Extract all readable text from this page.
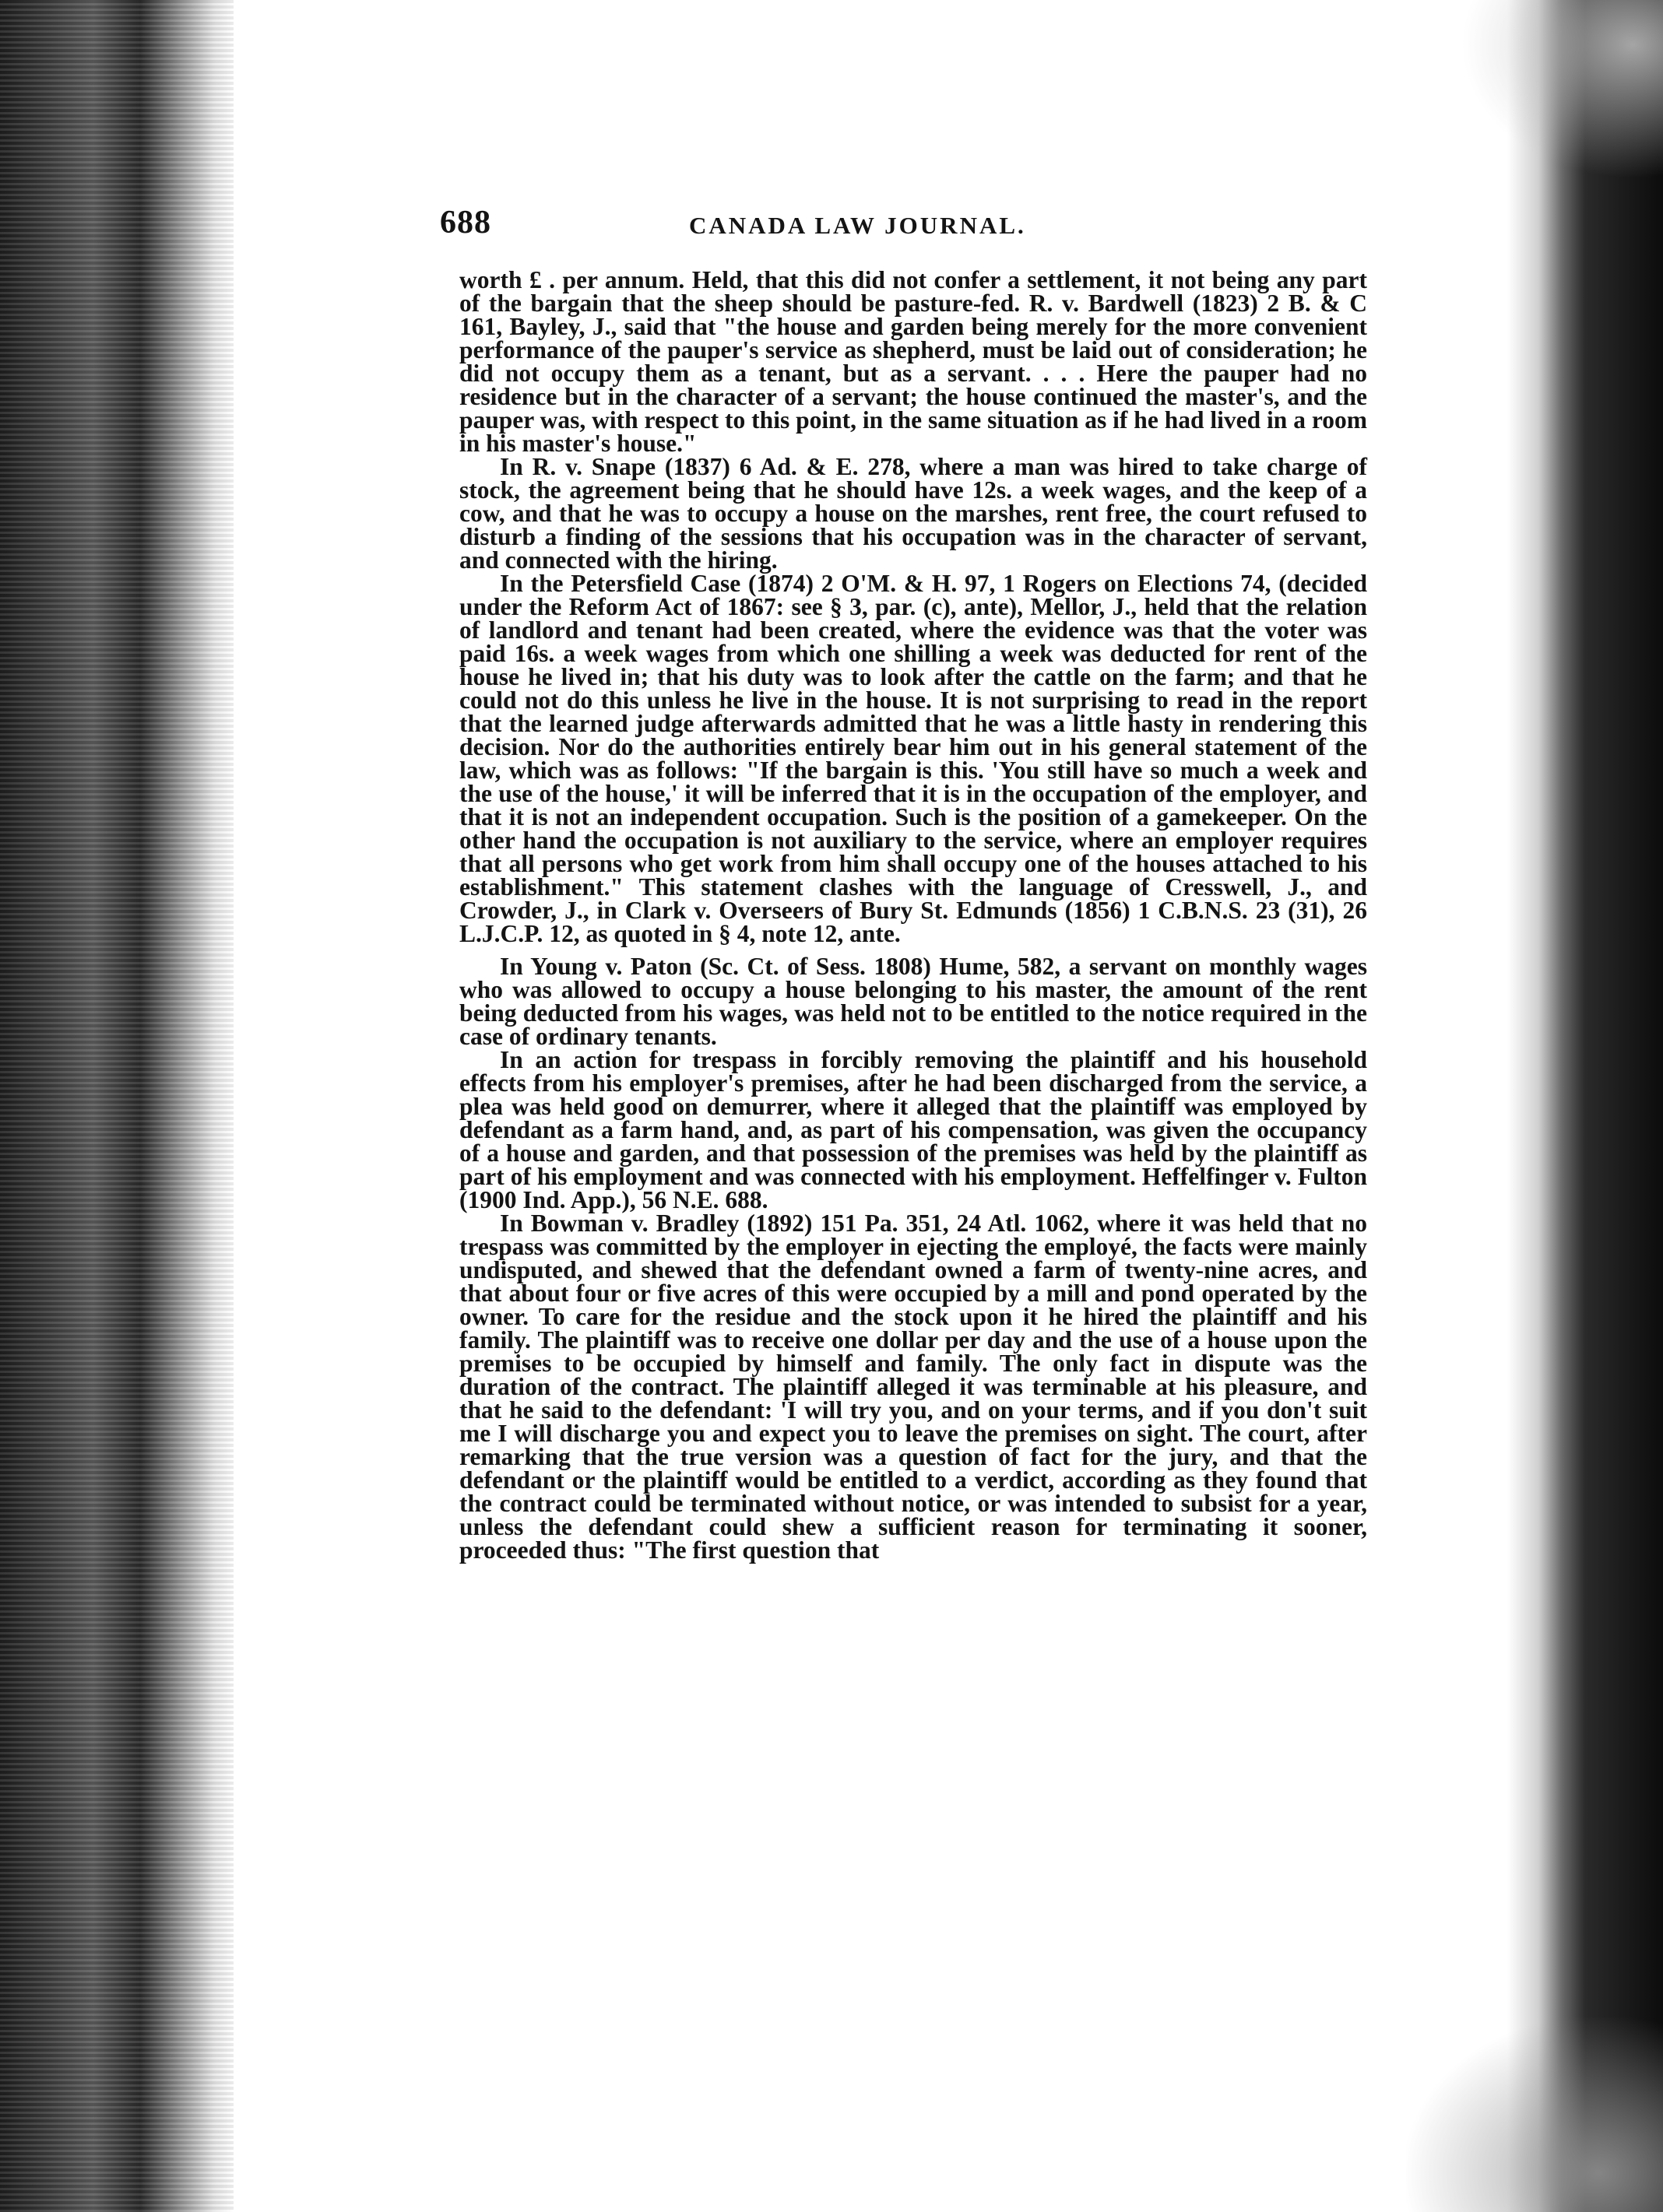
688	CANADA LAW JOURNAL.

worth £ . per annum. Held, that this did not confer a settlement, it not being any part of the bargain that the sheep should be pasture-fed. R. v. Bardwell (1823) 2 B. & C 161, Bayley, J., said that "the house and garden being merely for the more convenient performance of the pauper's service as shepherd, must be laid out of consideration; he did not occupy them as a tenant, but as a servant. . . . Here the pauper had no residence but in the character of a servant; the house continued the master's, and the pauper was, with respect to this point, in the same situation as if he had lived in a room in his master's house."

In R. v. Snape (1837) 6 Ad. & E. 278, where a man was hired to take charge of stock, the agreement being that he should have 12s. a week wages, and the keep of a cow, and that he was to occupy a house on the marshes, rent free, the court refused to disturb a finding of the sessions that his occupation was in the character of servant, and connected with the hiring.

In the Petersfield Case (1874) 2 O'M. & H. 97, 1 Rogers on Elections 74, (decided under the Reform Act of 1867: see § 3, par. (c), ante), Mellor, J., held that the relation of landlord and tenant had been created, where the evidence was that the voter was paid 16s. a week wages from which one shilling a week was deducted for rent of the house he lived in; that his duty was to look after the cattle on the farm; and that he could not do this unless he live in the house. It is not surprising to read in the report that the learned judge afterwards admitted that he was a little hasty in rendering this decision. Nor do the authorities entirely bear him out in his general statement of the law, which was as follows: "If the bargain is this. 'You still have so much a week and the use of the house,' it will be inferred that it is in the occupation of the employer, and that it is not an independent occupation. Such is the position of a gamekeeper. On the other hand the occupation is not auxiliary to the service, where an employer requires that all persons who get work from him shall occupy one of the houses attached to his establishment." This statement clashes with the language of Cresswell, J., and Crowder, J., in Clark v. Overseers of Bury St. Edmunds (1856) 1 C.B.N.S. 23 (31), 26 L.J.C.P. 12, as quoted in § 4, note 12, ante.

In Young v. Paton (Sc. Ct. of Sess. 1808) Hume, 582, a servant on monthly wages who was allowed to occupy a house belonging to his master, the amount of the rent being deducted from his wages, was held not to be entitled to the notice required in the case of ordinary tenants.

In an action for trespass in forcibly removing the plaintiff and his household effects from his employer's premises, after he had been discharged from the service, a plea was held good on demurrer, where it alleged that the plaintiff was employed by defendant as a farm hand, and, as part of his compensation, was given the occupancy of a house and garden, and that possession of the premises was held by the plaintiff as part of his employment and was connected with his employment. Heffelfinger v. Fulton (1900 Ind. App.), 56 N.E. 688.

In Bowman v. Bradley (1892) 151 Pa. 351, 24 Atl. 1062, where it was held that no trespass was committed by the employer in ejecting the employé, the facts were mainly undisputed, and shewed that the defendant owned a farm of twenty-nine acres, and that about four or five acres of this were occupied by a mill and pond operated by the owner. To care for the residue and the stock upon it he hired the plaintiff and his family. The plaintiff was to receive one dollar per day and the use of a house upon the premises to be occupied by himself and family. The only fact in dispute was the duration of the contract. The plaintiff alleged it was terminable at his pleasure, and that he said to the defendant: 'I will try you, and on your terms, and if you don't suit me I will discharge you and expect you to leave the premises on sight. The court, after remarking that the true version was a question of fact for the jury, and that the defendant or the plaintiff would be entitled to a verdict, according as they found that the contract could be terminated without notice, or was intended to subsist for a year, unless the defendant could shew a sufficient reason for terminating it sooner, proceeded thus: "The first question that
